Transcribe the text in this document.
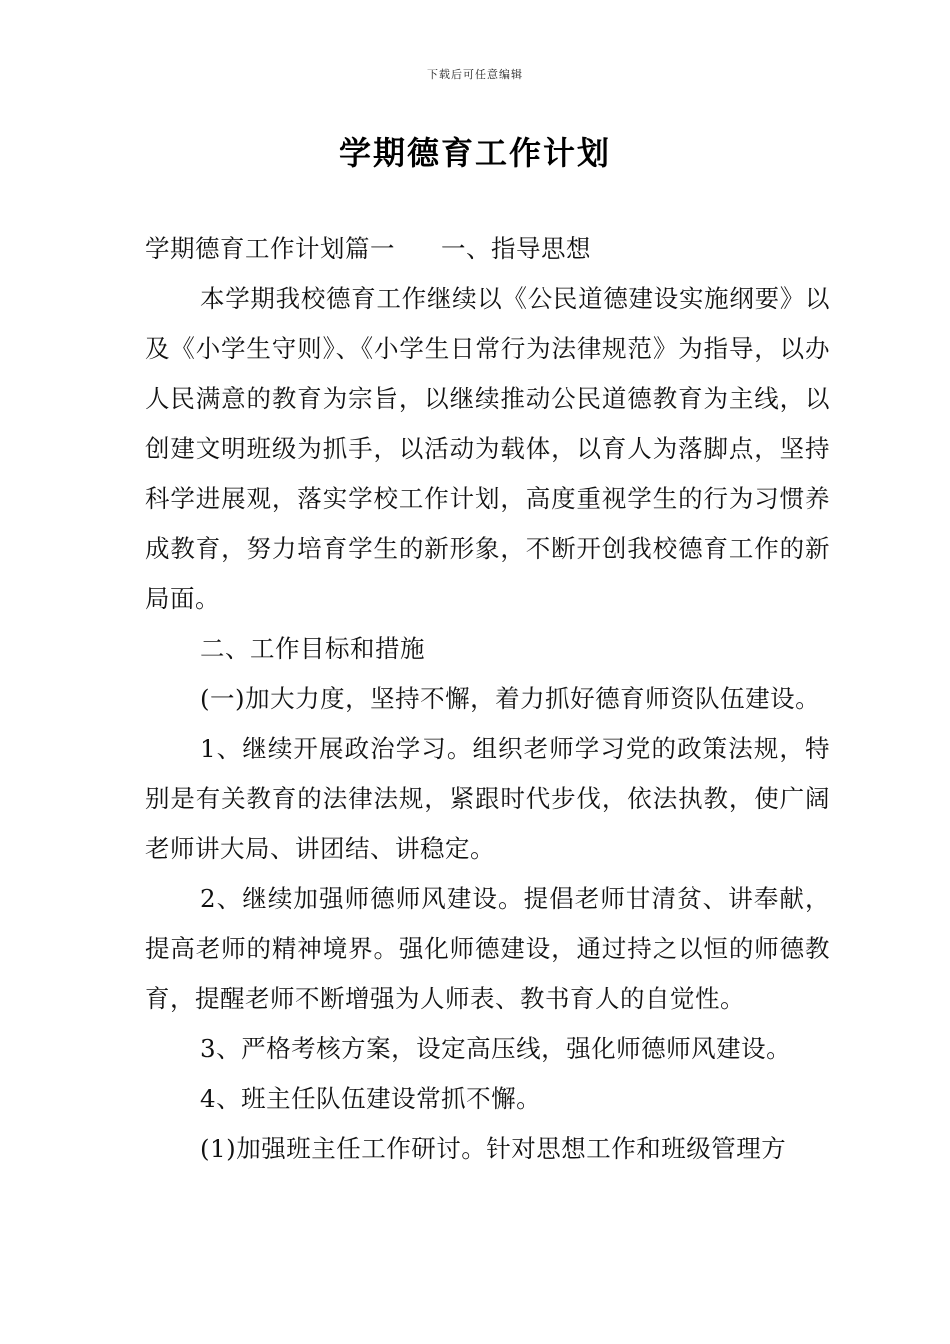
下载后可任意编辑
学期德育工作计划

学期德育工作计划篇一 一、指导思想

本学期我校德育工作继续以《公民道德建设实施纲要》以及《小学生守则》、《小学生日常行为法律规范》为指导，以办人民满意的教育为宗旨，以继续推动公民道德教育为主线，以创建文明班级为抓手，以活动为载体，以育人为落脚点，坚持科学进展观，落实学校工作计划，高度重视学生的行为习惯养成教育，努力培育学生的新形象，不断开创我校德育工作的新局面。

二、工作目标和措施

(一)加大力度，坚持不懈，着力抓好德育师资队伍建设。

1、继续开展政治学习。组织老师学习党的政策法规，特别是有关教育的法律法规，紧跟时代步伐，依法执教，使广阔老师讲大局、讲团结、讲稳定。

2、继续加强师德师风建设。提倡老师甘清贫、讲奉献，提高老师的精神境界。强化师德建设，通过持之以恒的师德教育，提醒老师不断增强为人师表、教书育人的自觉性。

3、严格考核方案，设定高压线，强化师德师风建设。

4、班主任队伍建设常抓不懈。

(1)加强班主任工作研讨。针对思想工作和班级管理方
